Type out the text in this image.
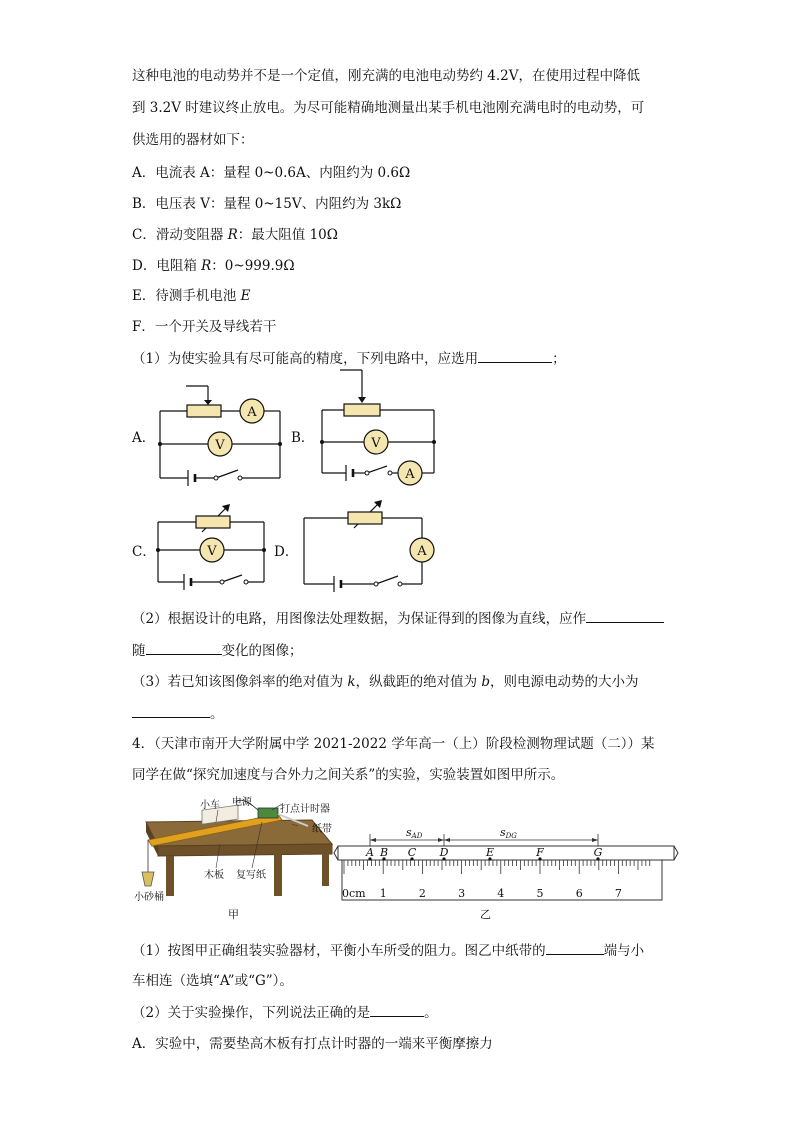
这种电池的电动势并不是一个定值，刚充满的电池电动势约 4.2V，在使用过程中降低
到 3.2V 时建议终止放电。为尽可能精确地测量出某手机电池刚充满电时的电动势，可
供选用的器材如下：
A．电流表 A：量程 0~0.6A、内阻约为 0.6Ω
B．电压表 V：量程 0~15V、内阻约为 3kΩ
C．滑动变阻器 R：最大阻值 10Ω
D．电阻箱 R：0~999.9Ω
E．待测手机电池 E
F．一个开关及导线若干
（1）为使实验具有尽可能高的精度，下列电路中，应选用	；
A．
A
V	B．	V
A
C．	V	D．	A
（2）根据设计的电路，用图像法处理数据，为保证得到的图像为直线，应作
随	变化的图像；
（3）若已知该图像斜率的绝对值为 k，纵截距的绝对值为 b，则电源电动势的大小为
。
4．（天津市南开大学附属中学 2021-2022 学年高一（上）阶段检测物理试题（二））某
同学在做“探究加速度与合外力之间关系”的实验，实验装置如图甲所示。
小车 电源
打点计时器
纸带
木板 复写纸
小砂桶
甲
1	2	3	4	5	6	7
0cm
sAD	sDG
A B C D	E	F	G
乙
（1）按图甲正确组装实验器材，平衡小车所受的阻力。图乙中纸带的	端与小
车相连（选填“A”或“G”）。
（2）关于实验操作，下列说法正确的是	。
A．实验中，需要垫高木板有打点计时器的一端来平衡摩擦力
